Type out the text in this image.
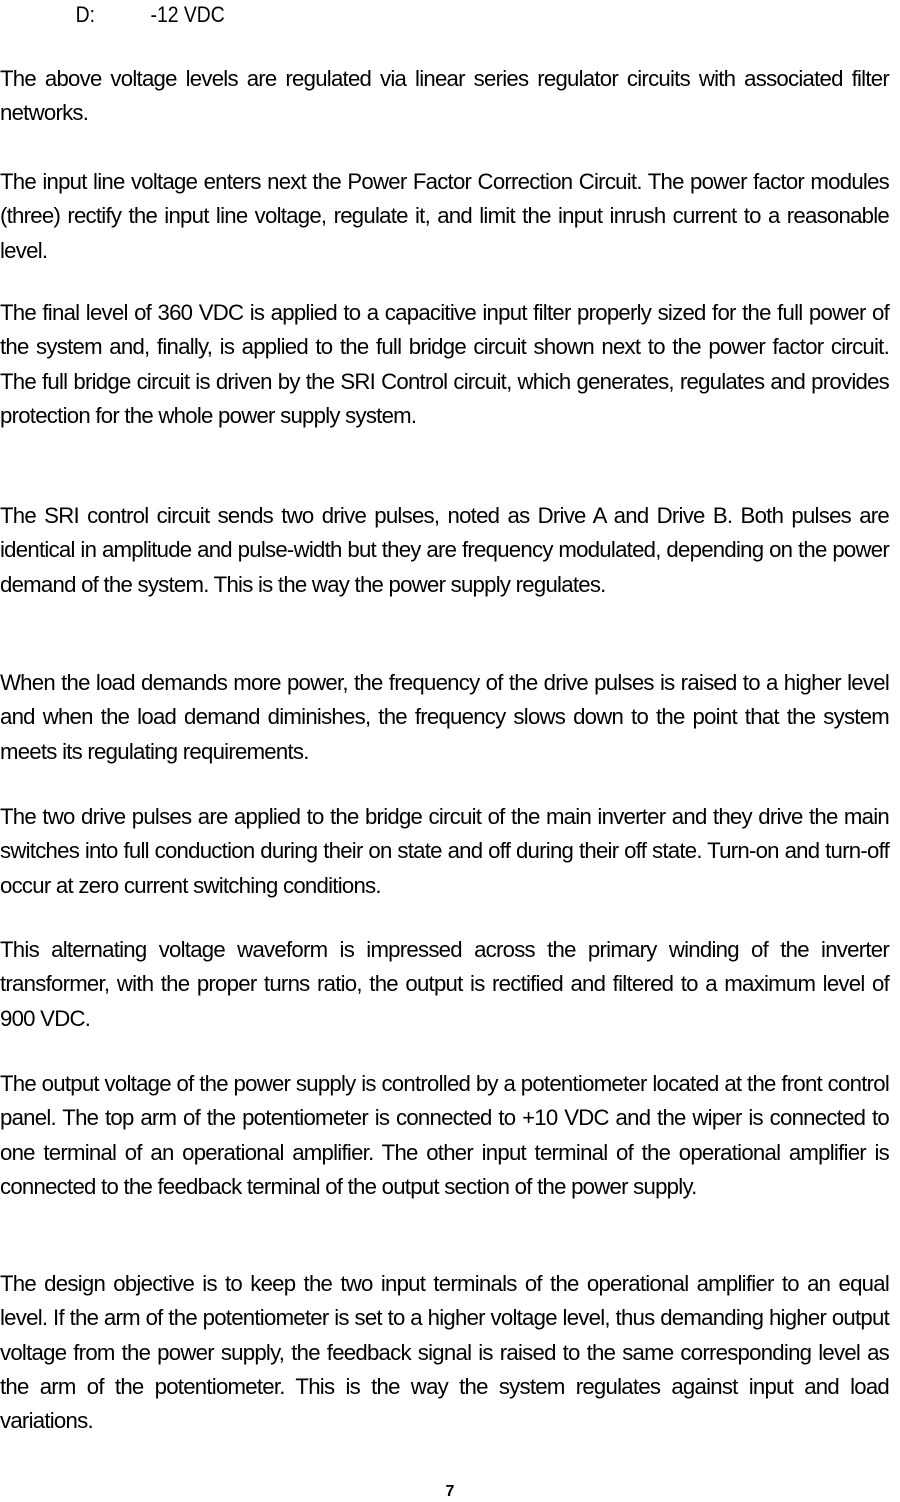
D: -12 VDC
The above voltage levels are regulated via linear series regulator circuits with associated filter networks.
The input line voltage enters next the Power Factor Correction Circuit. The power factor modules (three) rectify the input line voltage, regulate it, and limit the input inrush current to a reasonable level.
The final level of 360 VDC is applied to a capacitive input filter properly sized for the full power of the system and, finally, is applied to the full bridge circuit shown next to the power factor circuit. The full bridge circuit is driven by the SRI Control circuit, which generates, regulates and provides protection for the whole power supply system.
The SRI control circuit sends two drive pulses, noted as Drive A and Drive B. Both pulses are identical in amplitude and pulse-width but they are frequency modulated, depending on the power demand of the system. This is the way the power supply regulates.
When the load demands more power, the frequency of the drive pulses is raised to a higher level and when the load demand diminishes, the frequency slows down to the point that the system meets its regulating requirements.
The two drive pulses are applied to the bridge circuit of the main inverter and they drive the main switches into full conduction during their on state and off during their off state. Turn-on and turn-off occur at zero current switching conditions.
This alternating voltage waveform is impressed across the primary winding of the inverter transformer, with the proper turns ratio, the output is rectified and filtered to a maximum level of 900 VDC.
The output voltage of the power supply is controlled by a potentiometer located at the front control panel. The top arm of the potentiometer is connected to +10 VDC and the wiper is connected to one terminal of an operational amplifier. The other input terminal of the operational amplifier is connected to the feedback terminal of the output section of the power supply.
The design objective is to keep the two input terminals of the operational amplifier to an equal level. If the arm of the potentiometer is set to a higher voltage level, thus demanding higher output voltage from the power supply, the feedback signal is raised to the same corresponding level as the arm of the potentiometer. This is the way the system regulates against input and load variations.
7
